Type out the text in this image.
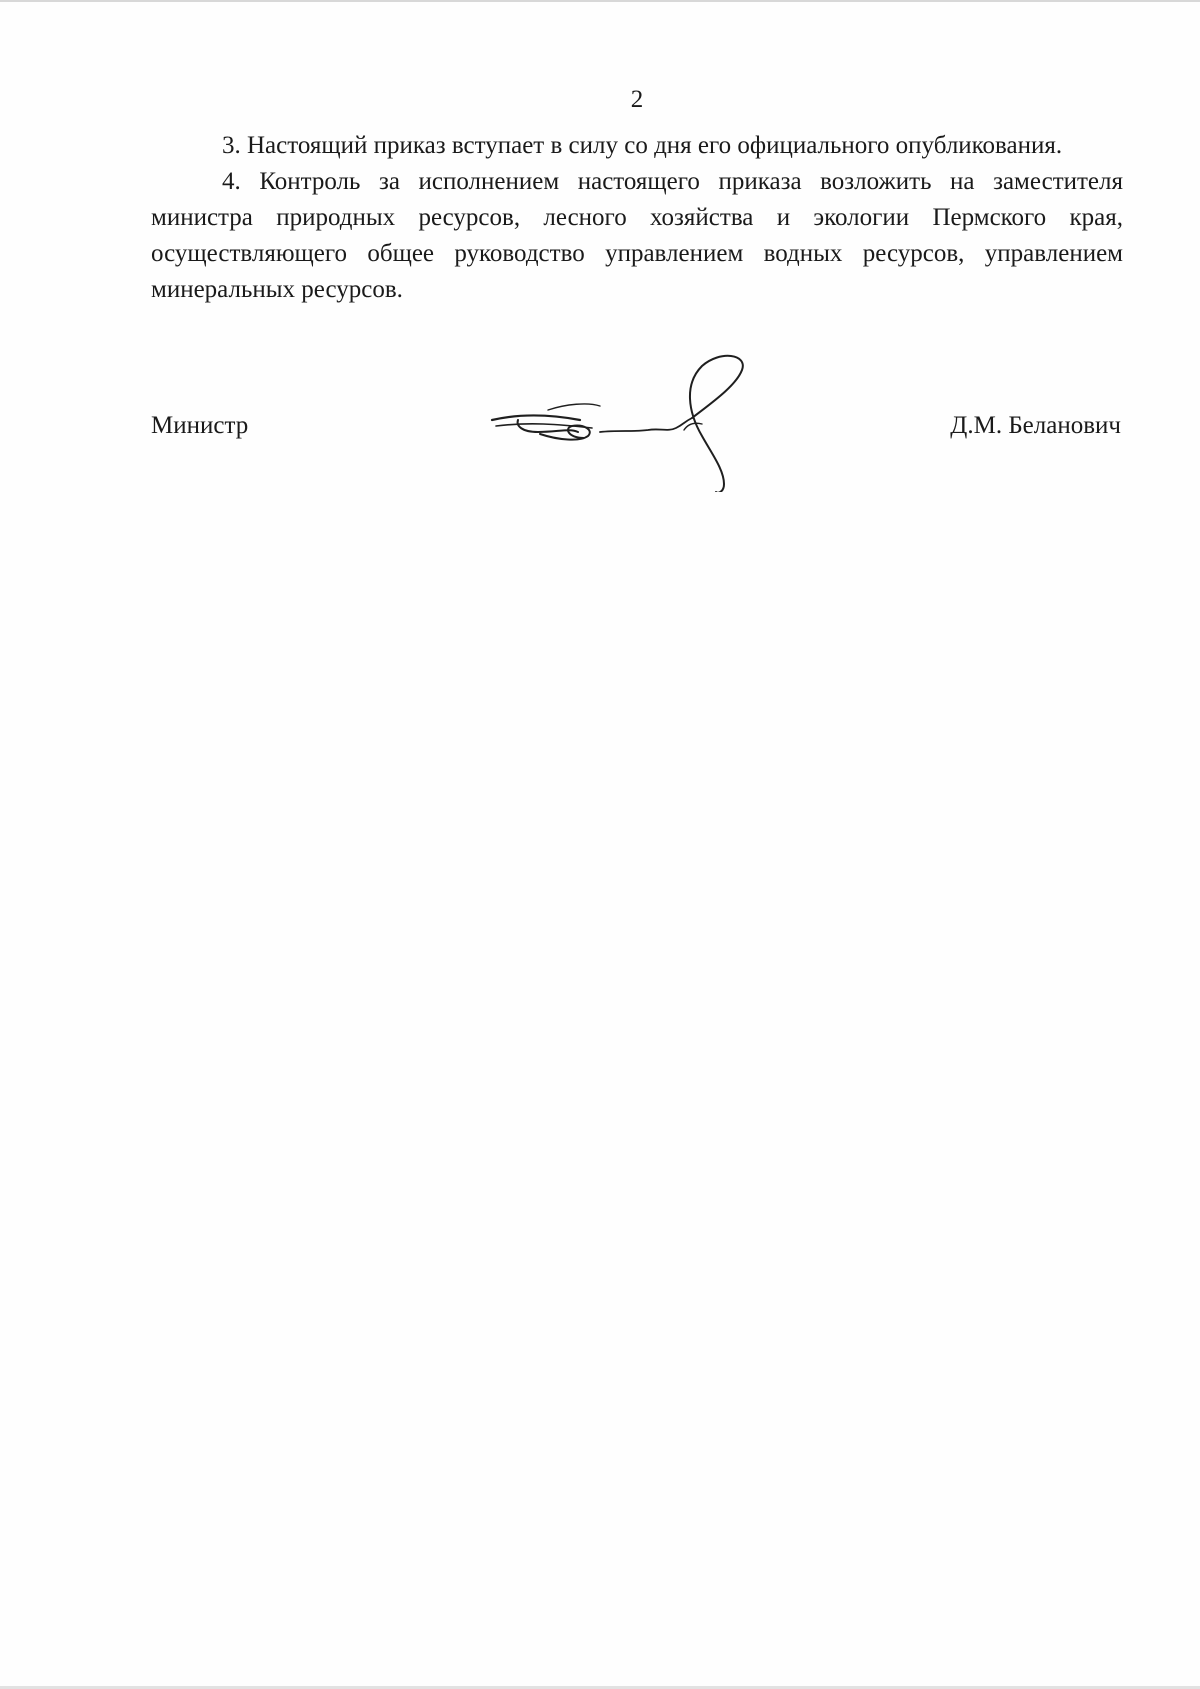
2

3. Настоящий приказ вступает в силу со дня его официального опубликования.

4. Контроль за исполнением настоящего приказа возложить на заместителя министра природных ресурсов, лесного хозяйства и экологии Пермского края, осуществляющего общее руководство управлением водных ресурсов, управлением минеральных ресурсов.

Министр	Д.М. Беланович
